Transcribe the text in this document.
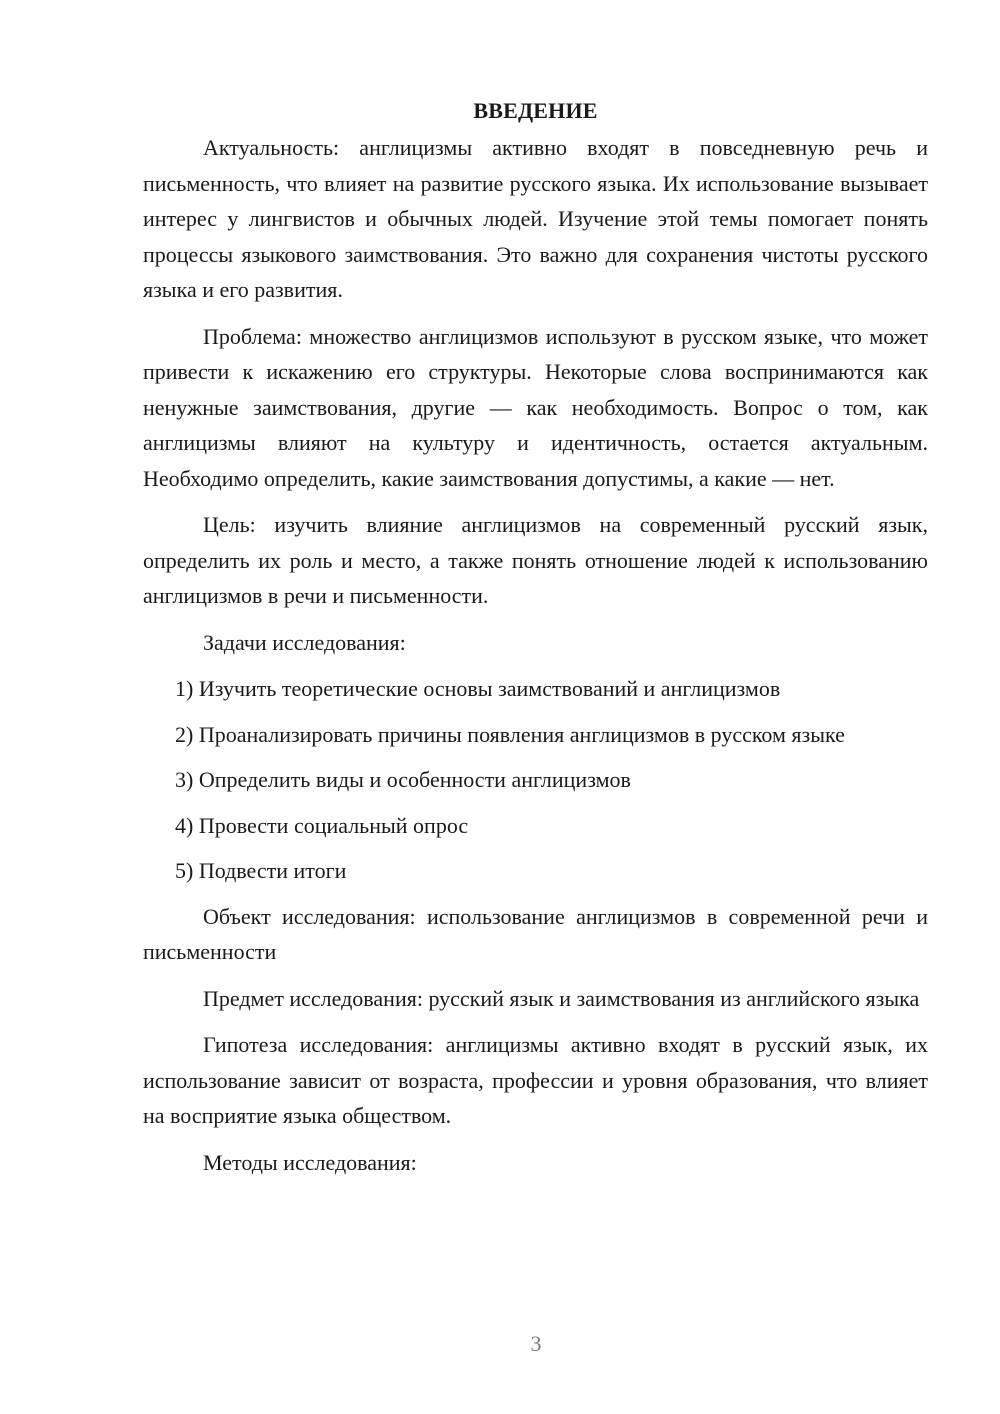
ВВЕДЕНИЕ

Актуальность: англицизмы активно входят в повседневную речь и письменность, что влияет на развитие русского языка. Их использование вызывает интерес у лингвистов и обычных людей. Изучение этой темы помогает понять процессы языкового заимствования. Это важно для сохранения чистоты русского языка и его развития.

Проблема: множество англицизмов используют в русском языке, что может привести к искажению его структуры. Некоторые слова воспринимаются как ненужные заимствования, другие — как необходимость. Вопрос о том, как англицизмы влияют на культуру и идентичность, остается актуальным. Необходимо определить, какие заимствования допустимы, а какие — нет.

Цель: изучить влияние англицизмов на современный русский язык, определить их роль и место, а также понять отношение людей к использованию англицизмов в речи и письменности.

Задачи исследования:

1) Изучить теоретические основы заимствований и англицизмов

2) Проанализировать причины появления англицизмов в русском языке

3) Определить виды и особенности англицизмов

4) Провести социальный опрос

5) Подвести итоги

Объект исследования: использование англицизмов в современной речи и письменности

Предмет исследования: русский язык и заимствования из английского языка

Гипотеза исследования: англицизмы активно входят в русский язык, их использование зависит от возраста, профессии и уровня образования, что влияет на восприятие языка обществом.

Методы исследования:

3
